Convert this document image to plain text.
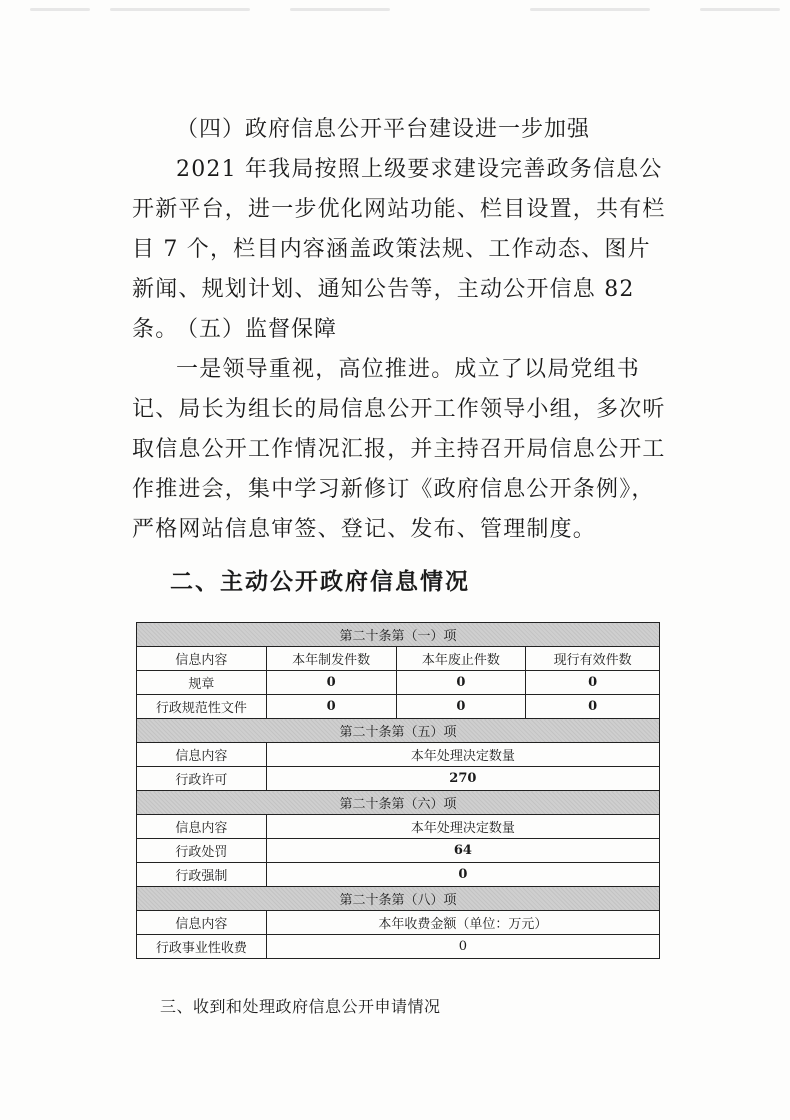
（四）政府信息公开平台建设进一步加强

2021 年我局按照上级要求建设完善政务信息公开新平台，进一步优化网站功能、栏目设置，共有栏目 7 个，栏目内容涵盖政策法规、工作动态、图片新闻、规划计划、通知公告等，主动公开信息 82 条。

（五）监督保障

一是领导重视，高位推进。成立了以局党组书记、局长为组长的局信息公开工作领导小组，多次听取信息公开工作情况汇报，并主持召开局信息公开工作推进会，集中学习新修订《政府信息公开条例》，严格网站信息审签、登记、发布、管理制度。

二、主动公开政府信息情况

第二十条第（一）项			
信息内容	本年制发件数	本年废止件数	现行有效件数
规章	0	0	0
行政规范性文件	0	0	0
第二十条第（五）项			
信息内容	本年处理决定数量		
行政许可	270		
第二十条第（六）项			
信息内容	本年处理决定数量		
行政处罚	64		
行政强制	0		
第二十条第（八）项			
信息内容	本年收费金额（单位：万元）		
行政事业性收费	0		

三、收到和处理政府信息公开申请情况
